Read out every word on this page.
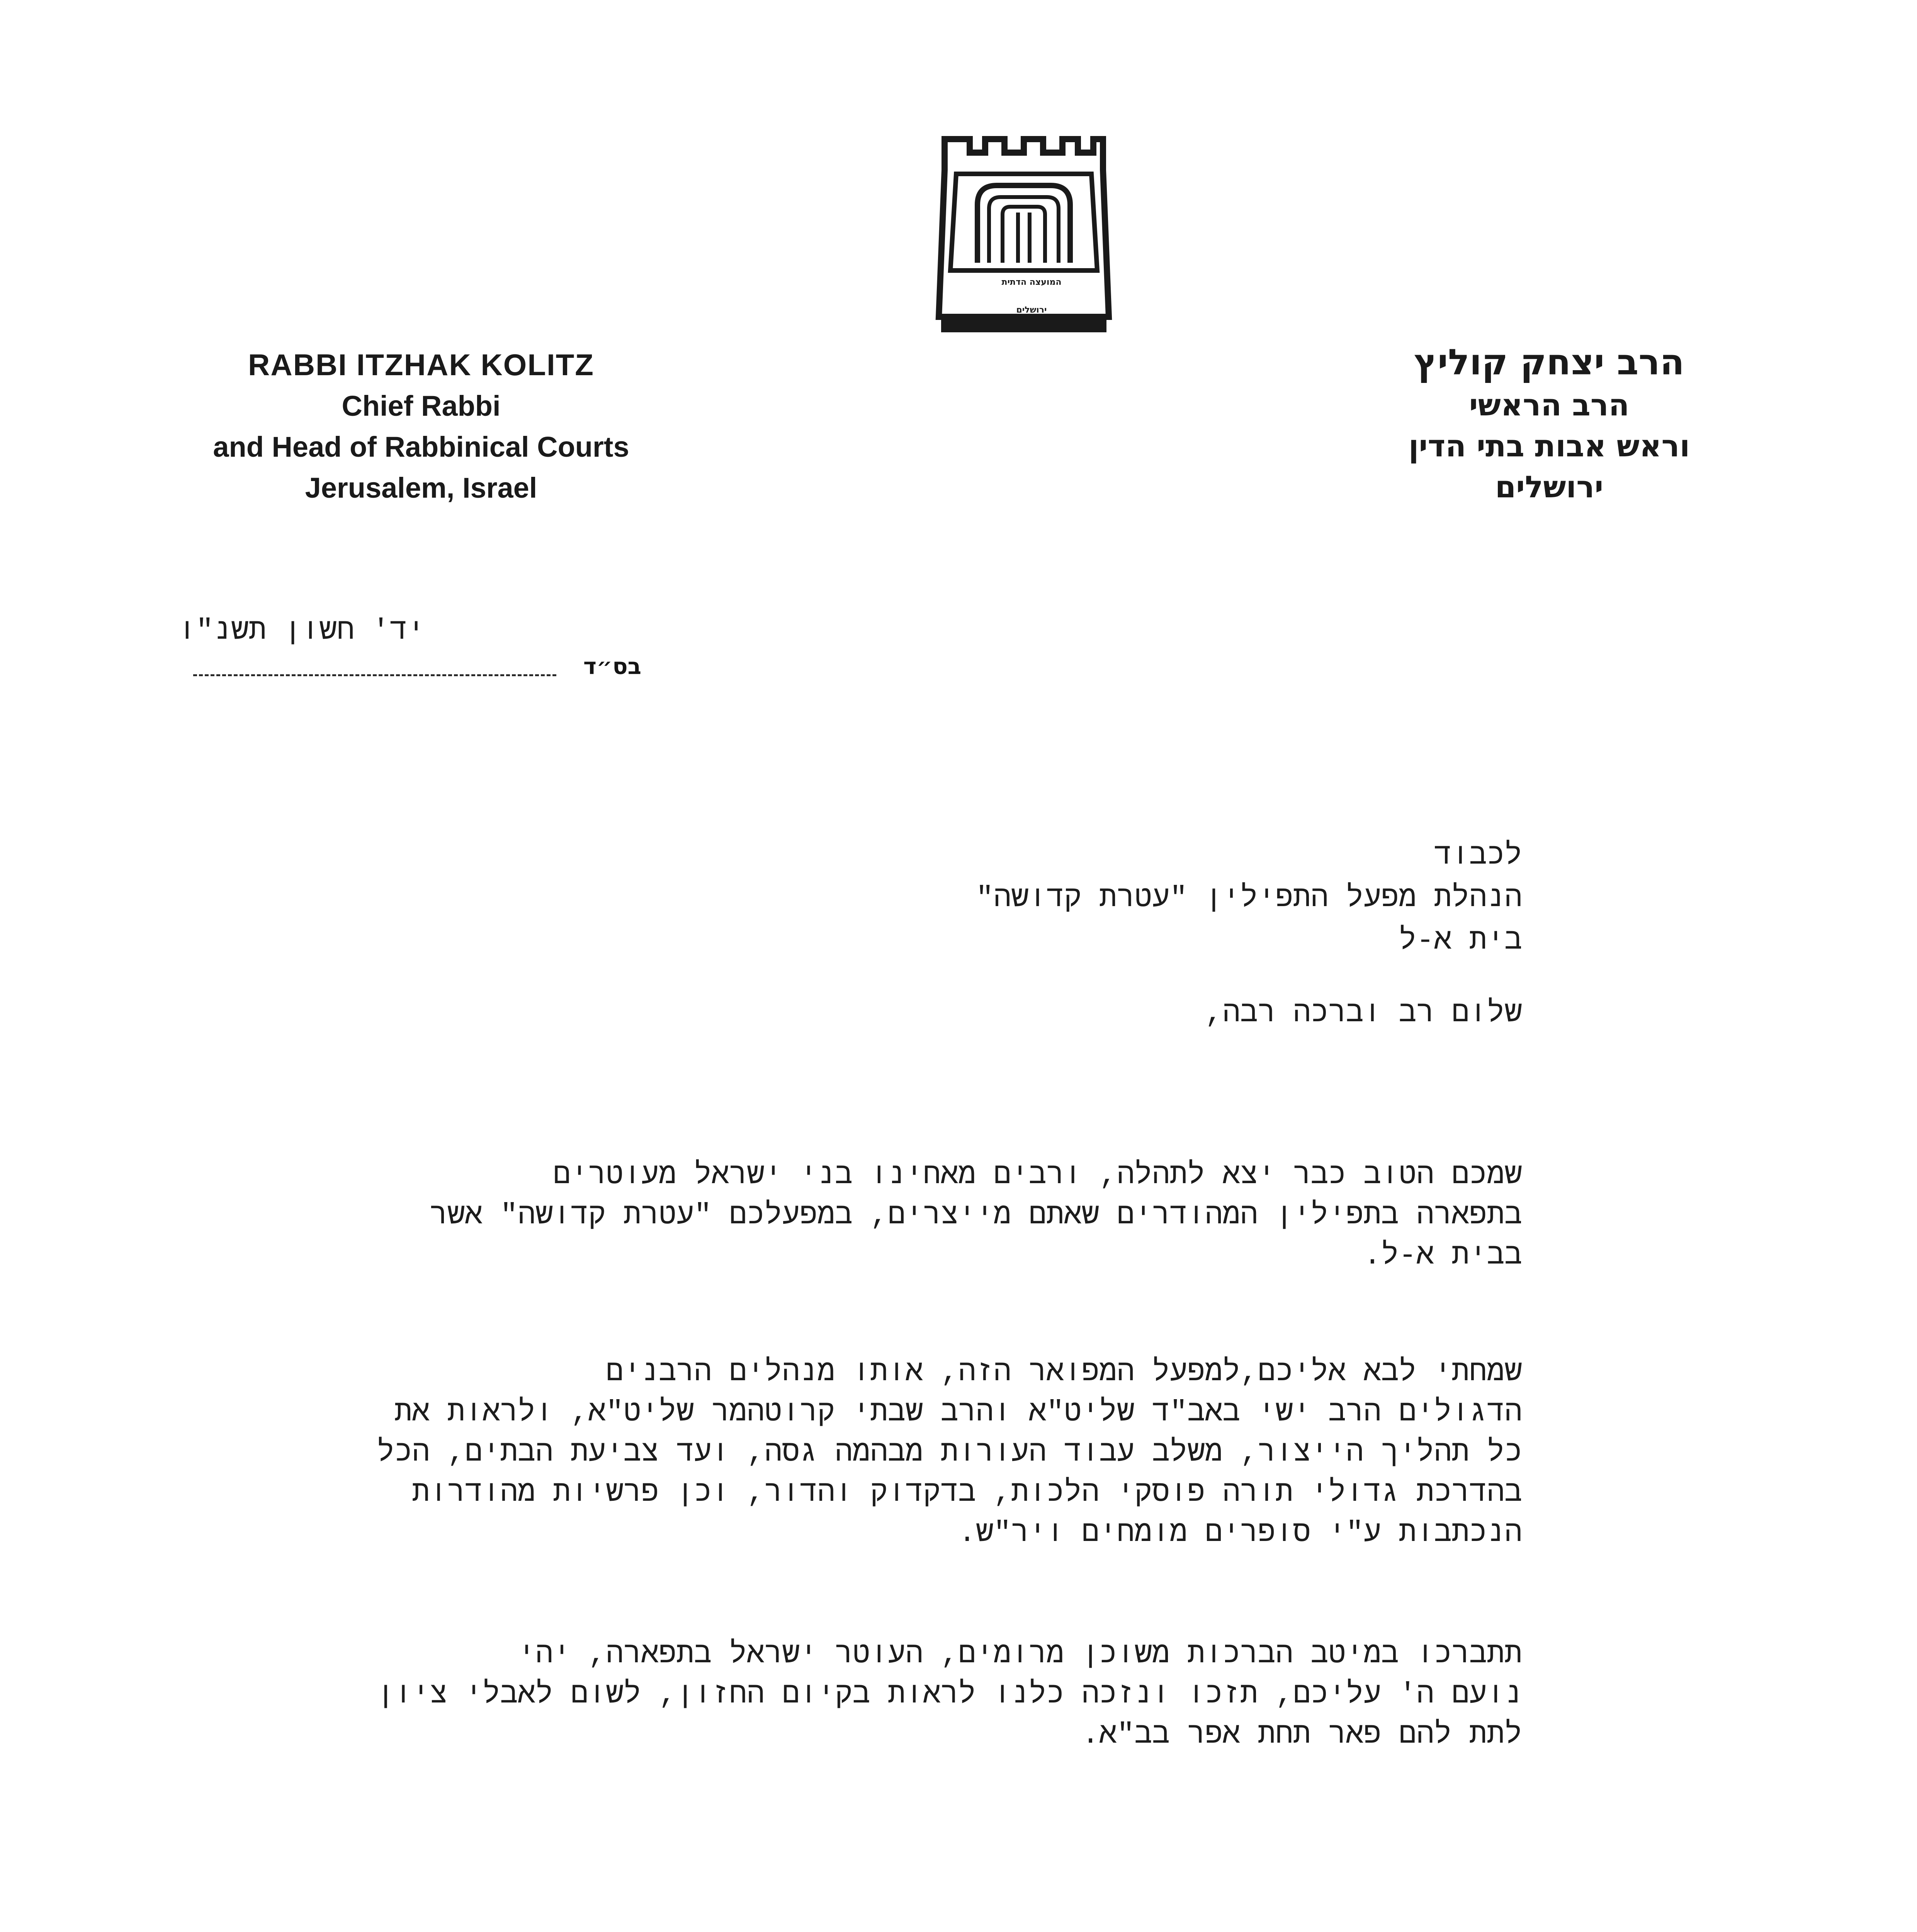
המועצה הדתית
ירושלים
RABBI ITZHAK KOLITZ
Chief Rabbi
and Head of Rabbinical Courts
Jerusalem, Israel
הרב יצחק קוליץ
הרב הראשי
וראש אבות בתי הדין
ירושלים
יד' חשון תשנ"ו
בס״ד
לכבוד
הנהלת מפעל התפילין "עטרת קדושה"
בית א-ל
שלום רב וברכה רבה,
שמכם הטוב כבר יצא לתהלה, ורבים מאחינו בני ישראל מעוטרים
בתפארה בתפילין המהודרים שאתם מייצרים, במפעלכם "עטרת קדושה" אשר
בבית א-ל.
שמחתי לבא אליכם,למפעל המפואר הזה, אותו מנהלים הרבנים
הדגולים הרב ישי באב"ד שליט"א והרב שבתי קרוטהמר שליט"א, ולראות את
כל תהליך הייצור, משלב עבוד העורות מבהמה גסה, ועד צביעת הבתים, הכל
בהדרכת גדולי תורה פוסקי הלכות, בדקדוק והדור, וכן פרשיות מהודרות
הנכתבות ע"י סופרים מומחים ויר"ש.
תתברכו במיטב הברכות משוכן מרומים, העוטר ישראל בתפארה, יהי
נועם ה' עליכם, תזכו ונזכה כלנו לראות בקיום החזון, לשום לאבלי ציון
לתת להם פאר תחת אפר בב"א.
